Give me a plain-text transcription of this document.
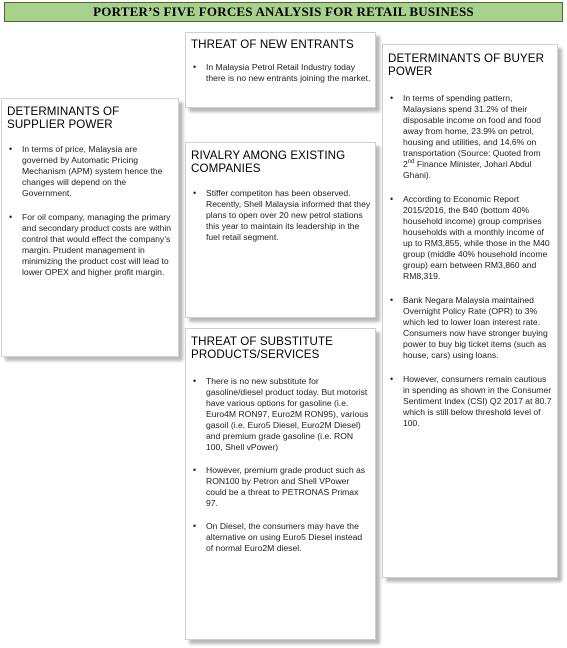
PORTER’S FIVE FORCES ANALYSIS FOR RETAIL BUSINESS
THREAT OF NEW ENTRANTS
• In Malaysia Petrol Retail Industry today there is no new entrants joining the market.
DETERMINANTS OF BUYER
POWER
• In terms of spending pattern, Malaysians spend 31.2% of their disposable income on food and food away from home, 23.9% on petrol, housing and utilities, and 14.6% on transportation (Source: Quoted from 2nd Finance Minister, Johari Abdul Ghani).
• According to Economic Report 2015/2016, the B40 (bottom 40% household income) group comprises households with a monthly income of up to RM3,855, while those in the M40 group (middle 40% household income group) earn between RM3,860 and RM8,319.
• Bank Negara Malaysia maintained Overnight Policy Rate (OPR) to 3% which led to lower loan interest rate. Consumers now have stronger buying power to buy big ticket items (such as house, cars) using loans.
• However, consumers remain cautious in spending as shown in the Consumer Sentiment Index (CSI) Q2 2017 at 80.7 which is still below threshold level of 100.
DETERMINANTS OF
SUPPLIER POWER
• In terms of price, Malaysia are governed by Automatic Pricing Mechanism (APM) system hence the changes will depend on the Government.
• For oil company, managing the primary and secondary product costs are within control that would effect the company’s margin. Prudent management in minimizing the product cost will lead to lower OPEX and higher profit margin.
RIVALRY AMONG EXISTING
COMPANIES
• Stiffer competiton has been observed. Recently, Shell Malaysia informed that they plans to open over 20 new petrol stations this year to maintain its leadership in the fuel retail segment.
THREAT OF SUBSTITUTE
PRODUCTS/SERVICES
• There is no new substitute for gasoline/diesel product today. But motorist have various options for gasoline (i.e. Euro4M RON97, Euro2M RON95), various gasoil (i.e. Euro5 Diesel, Euro2M Diesel) and premium grade gasoline (i.e. RON 100, Shell vPower)
• However, premium grade product such as RON100 by Petron and Shell VPower could be a threat to PETRONAS Primax 97.
• On Diesel, the consumers may have the alternative on using Euro5 Diesel instead of normal Euro2M diesel.
